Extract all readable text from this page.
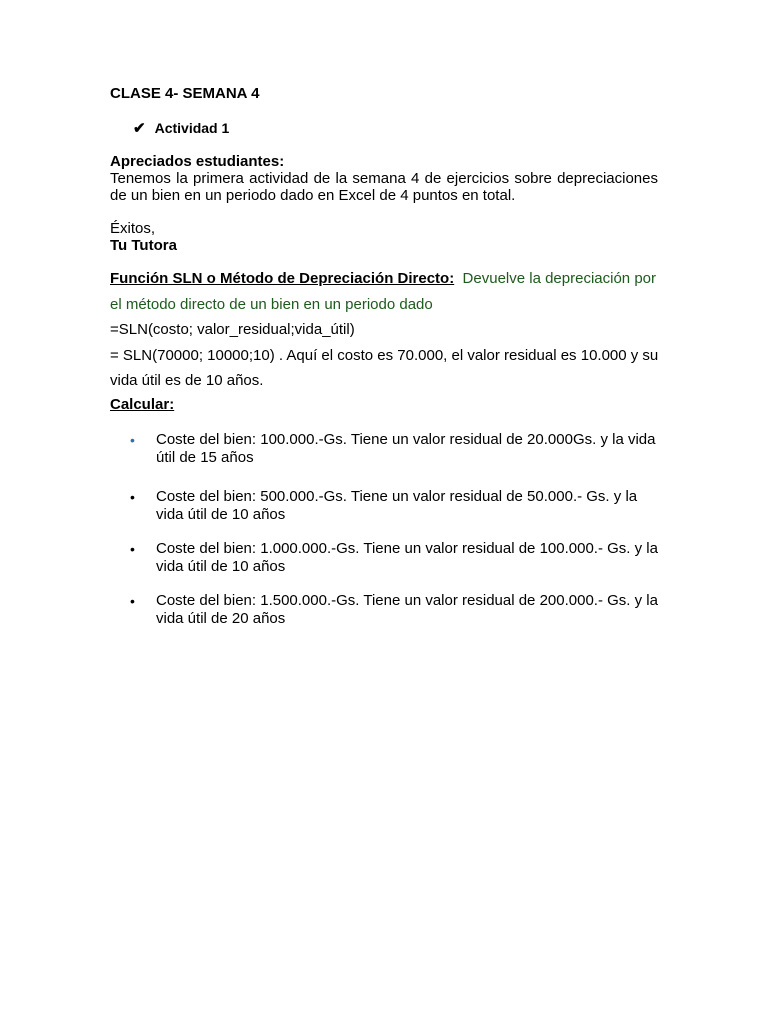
CLASE 4- SEMANA 4
✔ Actividad 1
Apreciados estudiantes:
Tenemos la primera actividad de la semana 4 de ejercicios sobre depreciaciones de un bien en un periodo dado en Excel de 4 puntos en total.
Éxitos,
Tu Tutora
Función SLN o Método de Depreciación Directo: Devuelve la depreciación por el método directo de un bien en un periodo dado
=SLN(costo; valor_residual;vida_útil)
= SLN(70000; 10000;10) . Aquí el costo es 70.000, el valor residual es 10.000 y su vida útil es de 10 años.
Calcular:
•	Coste del bien: 100.000.-Gs. Tiene un valor residual de 20.000Gs. y la vida útil de 15 años
•	Coste del bien: 500.000.-Gs. Tiene un valor residual de 50.000.- Gs. y la vida útil de 10 años
•	Coste del bien: 1.000.000.-Gs. Tiene un valor residual de 100.000.- Gs. y la vida útil de 10 años
•	Coste del bien: 1.500.000.-Gs. Tiene un valor residual de 200.000.- Gs. y la vida útil de 20 años
